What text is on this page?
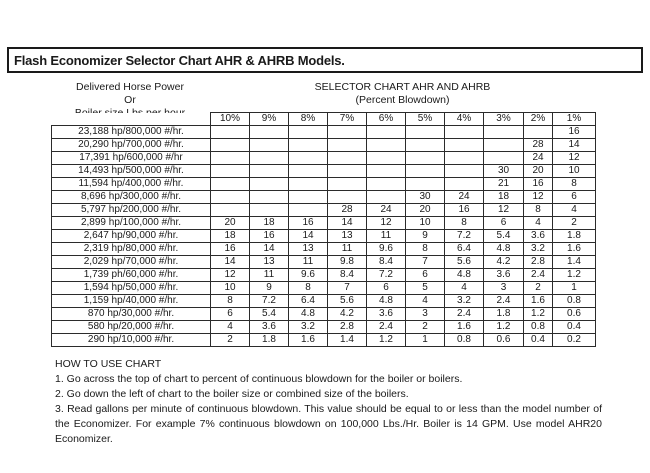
Flash Economizer Selector Chart AHR & AHRB Models.
Delivered Horse Power
Or
SELECTOR CHART AHR AND AHRB
(Percent Blowdown)
	10%	9%	8%	7%	6%	5%	4%	3%	2%	1%
23,188 hp/800,000 #/hr.										16
20,290 hp/700,000 #/hr.									28	14
17,391 hp/600,000 #/hr									24	12
14,493 hp/500,000 #/hr.								30	20	10
11,594 hp/400,000 #/hr.								21	16	8
8,696 hp/300,000 #/hr.						30	24	18	12	6
5,797 hp/200,000 #/hr.				28	24	20	16	12	8	4
2,899 hp/100,000 #/hr.	20	18	16	14	12	10	8	6	4	2
2,647 hp/90,000 #/hr.	18	16	14	13	11	9	7.2	5.4	3.6	1.8
2,319 hp/80,000 #/hr.	16	14	13	11	9.6	8	6.4	4.8	3.2	1.6
2,029 hp/70,000 #/hr.	14	13	11	9.8	8.4	7	5.6	4.2	2.8	1.4
1,739 ph/60,000 #/hr.	12	11	9.6	8.4	7.2	6	4.8	3.6	2.4	1.2
1,594 hp/50,000 #/hr.	10	9	8	7	6	5	4	3	2	1
1,159 hp/40,000 #/hr.	8	7.2	6.4	5.6	4.8	4	3.2	2.4	1.6	0.8
870 hp/30,000 #/hr.	6	5.4	4.8	4.2	3.6	3	2.4	1.8	1.2	0.6
580 hp/20,000 #/hr.	4	3.6	3.2	2.8	2.4	2	1.6	1.2	0.8	0.4
290 hp/10,000 #/hr.	2	1.8	1.6	1.4	1.2	1	0.8	0.6	0.4	0.2
HOW TO USE CHART
1. Go across the top of chart to percent of continuous blowdown for the boiler or boilers.
2. Go down the left of chart to the boiler size or combined size of the boilers.
3. Read gallons per minute of continuous blowdown. This value should be equal to or less than the model number of the Economizer. For example 7% continuous blowdown on 100,000 Lbs./Hr. Boiler is 14 GPM. Use model AHR20 Economizer.
